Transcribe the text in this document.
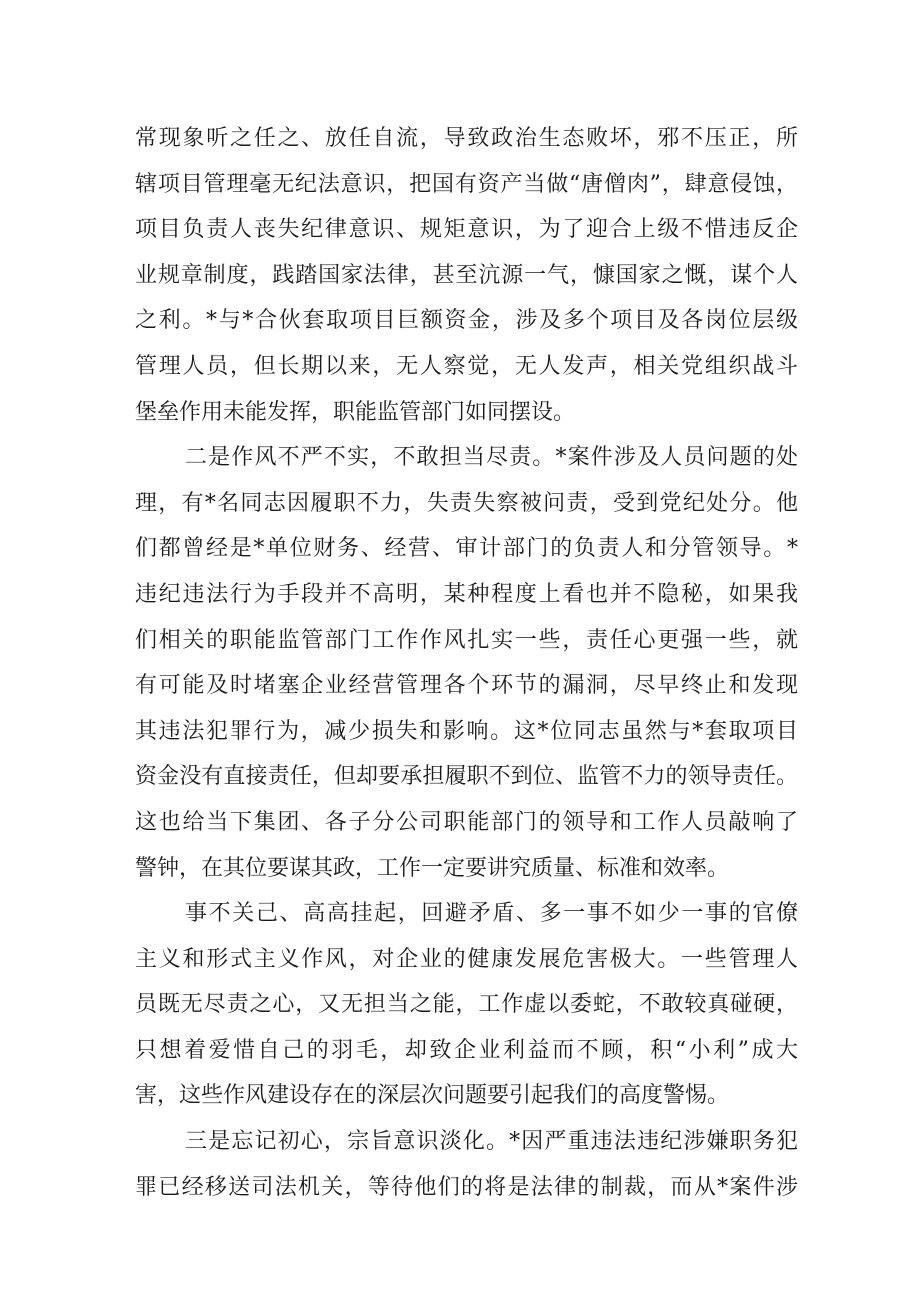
常现象听之任之、放任自流，导致政治生态败坏，邪不压正，所
辖项目管理毫无纪法意识，把国有资产当做“唐僧肉”，肆意侵蚀，
项目负责人丧失纪律意识、规矩意识，为了迎合上级不惜违反企
业规章制度，践踏国家法律，甚至沆源一气，慷国家之慨，谋个人
之利。*与*合伙套取项目巨额资金，涉及多个项目及各岗位层级
管理人员，但长期以来，无人察觉，无人发声，相关党组织战斗
堡垒作用未能发挥，职能监管部门如同摆设。
二是作风不严不实，不敢担当尽责。*案件涉及人员问题的处
理，有*名同志因履职不力，失责失察被问责，受到党纪处分。他
们都曾经是*单位财务、经营、审计部门的负责人和分管领导。*
违纪违法行为手段并不高明，某种程度上看也并不隐秘，如果我
们相关的职能监管部门工作作风扎实一些，责任心更强一些，就
有可能及时堵塞企业经营管理各个环节的漏洞，尽早终止和发现
其违法犯罪行为，减少损失和影响。这*位同志虽然与*套取项目
资金没有直接责任，但却要承担履职不到位、监管不力的领导责任。
这也给当下集团、各子分公司职能部门的领导和工作人员敲响了
警钟，在其位要谋其政，工作一定要讲究质量、标准和效率。
事不关己、高高挂起，回避矛盾、多一事不如少一事的官僚
主义和形式主义作风，对企业的健康发展危害极大。一些管理人
员既无尽责之心，又无担当之能，工作虚以委蛇，不敢较真碰硬，
只想着爱惜自己的羽毛，却致企业利益而不顾，积“小利”成大
害，这些作风建设存在的深层次问题要引起我们的高度警惕。
三是忘记初心，宗旨意识淡化。*因严重违法违纪涉嫌职务犯
罪已经移送司法机关，等待他们的将是法律的制裁，而从*案件涉
